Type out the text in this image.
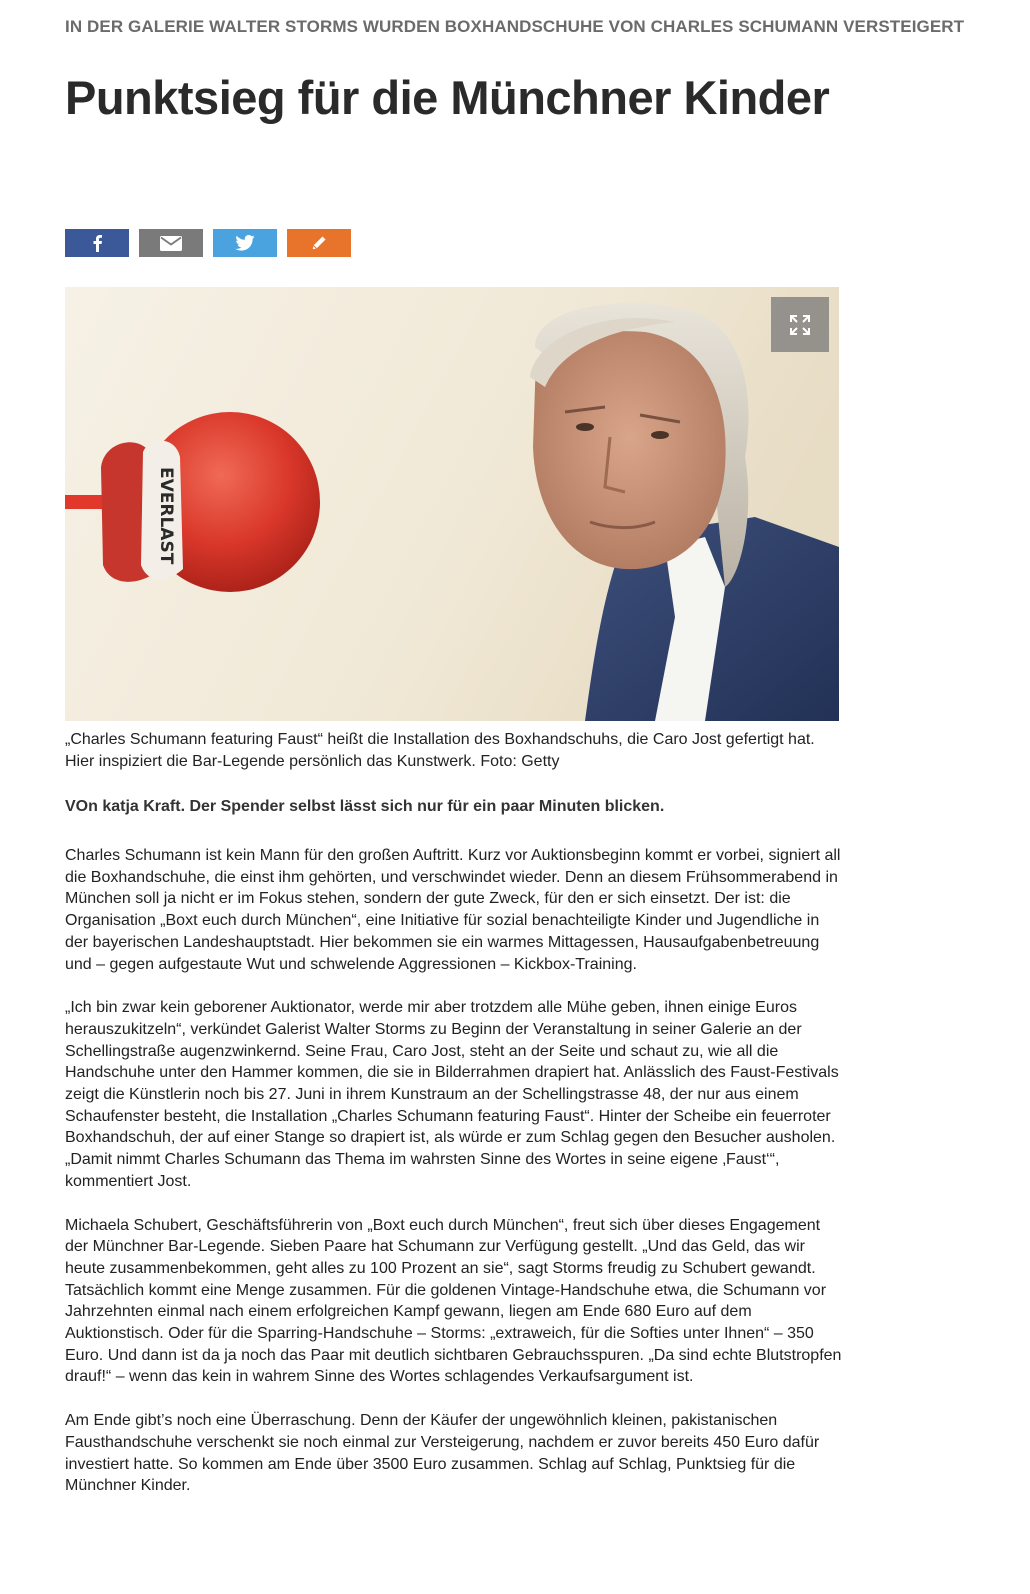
IN DER GALERIE WALTER STORMS WURDEN BOXHANDSCHUHE VON CHARLES SCHUMANN VERSTEIGERT
Punktsieg für die Münchner Kinder
EVERLAST
„Charles Schumann featuring Faust“ heißt die Installation des Boxhandschuhs, die Caro Jost gefertigt hat. Hier inspiziert die Bar-Legende persönlich das Kunstwerk. Foto: Getty
VOn katja Kraft. Der Spender selbst lässt sich nur für ein paar Minuten blicken.

Charles Schumann ist kein Mann für den großen Auftritt. Kurz vor Auktionsbeginn kommt er vorbei, signiert all die Boxhandschuhe, die einst ihm gehörten, und verschwindet wieder. Denn an diesem Frühsommerabend in München soll ja nicht er im Fokus stehen, sondern der gute Zweck, für den er sich einsetzt. Der ist: die Organisation „Boxt euch durch München“, eine Initiative für sozial benachteiligte Kinder und Jugendliche in der bayerischen Landeshauptstadt. Hier bekommen sie ein warmes Mittagessen, Hausaufgabenbetreuung und – gegen aufgestaute Wut und schwelende Aggressionen – Kickbox-Training.

„Ich bin zwar kein geborener Auktionator, werde mir aber trotzdem alle Mühe geben, ihnen einige Euros herauszukitzeln“, verkündet Galerist Walter Storms zu Beginn der Veranstaltung in seiner Galerie an der Schellingstraße augenzwinkernd. Seine Frau, Caro Jost, steht an der Seite und schaut zu, wie all die Handschuhe unter den Hammer kommen, die sie in Bilderrahmen drapiert hat. Anlässlich des Faust-Festivals zeigt die Künstlerin noch bis 27. Juni in ihrem Kunstraum an der Schellingstrasse 48, der nur aus einem Schaufenster besteht, die Installation „Charles Schumann featuring Faust“. Hinter der Scheibe ein feuerroter Boxhandschuh, der auf einer Stange so drapiert ist, als würde er zum Schlag gegen den Besucher ausholen. „Damit nimmt Charles Schumann das Thema im wahrsten Sinne des Wortes in seine eigene ‚Faust‘“, kommentiert Jost.

Michaela Schubert, Geschäftsführerin von „Boxt euch durch München“, freut sich über dieses Engagement der Münchner Bar-Legende. Sieben Paare hat Schumann zur Verfügung gestellt. „Und das Geld, das wir heute zusammenbekommen, geht alles zu 100 Prozent an sie“, sagt Storms freudig zu Schubert gewandt. Tatsächlich kommt eine Menge zusammen. Für die goldenen Vintage-Handschuhe etwa, die Schumann vor Jahrzehnten einmal nach einem erfolgreichen Kampf gewann, liegen am Ende 680 Euro auf dem Auktionstisch. Oder für die Sparring-Handschuhe – Storms: „extraweich, für die Softies unter Ihnen“ – 350 Euro. Und dann ist da ja noch das Paar mit deutlich sichtbaren Gebrauchsspuren. „Da sind echte Blutstropfen drauf!“ – wenn das kein in wahrem Sinne des Wortes schlagendes Verkaufsargument ist.

Am Ende gibt’s noch eine Überraschung. Denn der Käufer der ungewöhnlich kleinen, pakistanischen Fausthandschuhe verschenkt sie noch einmal zur Versteigerung, nachdem er zuvor bereits 450 Euro dafür investiert hatte. So kommen am Ende über 3500 Euro zusammen. Schlag auf Schlag, Punktsieg für die Münchner Kinder.
